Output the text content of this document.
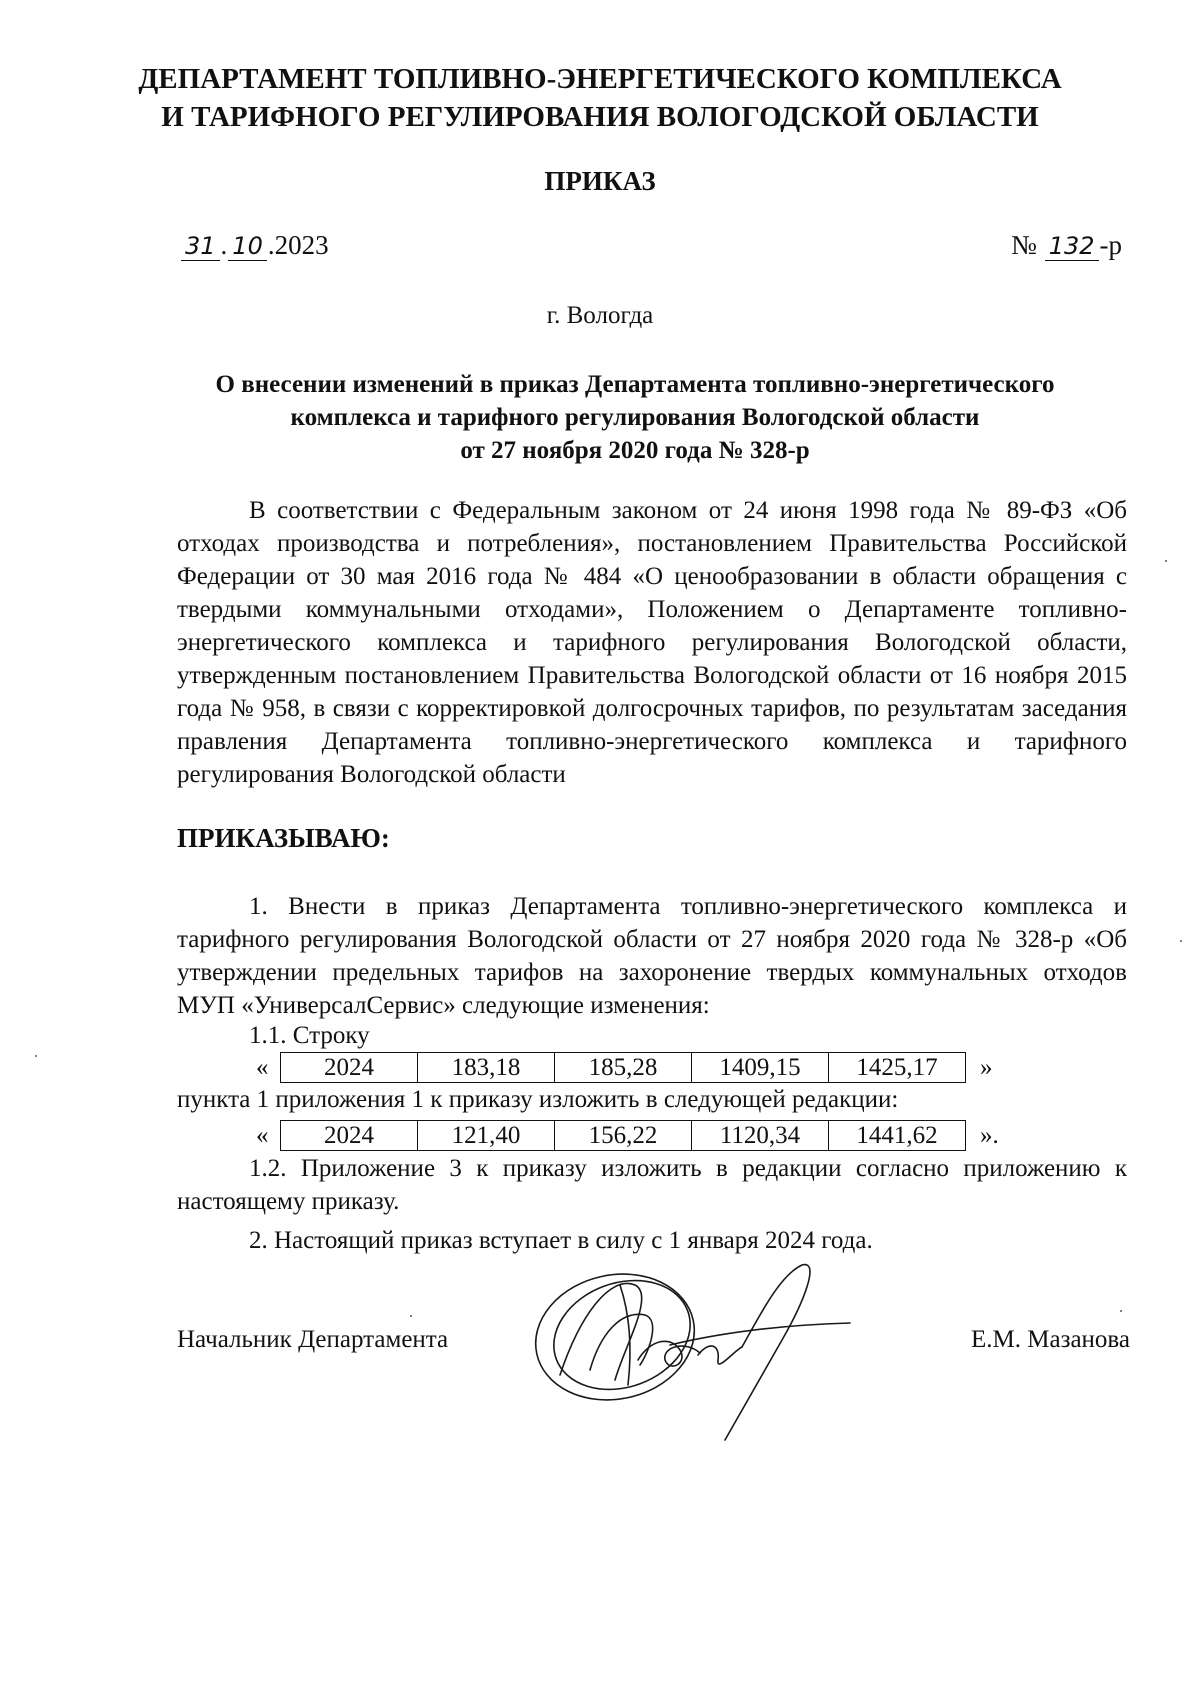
ДЕПАРТАМЕНТ ТОПЛИВНО-ЭНЕРГЕТИЧЕСКОГО КОМПЛЕКСА
И ТАРИФНОГО РЕГУЛИРОВАНИЯ ВОЛОГОДСКОЙ ОБЛАСТИ
ПРИКАЗ
31 . 10 .2023	№ 132 -р
г. Вологда
О внесении изменений в приказ Департамента топливно-энергетического
комплекса и тарифного регулирования Вологодской области
от 27 ноября 2020 года № 328-р
В соответствии с Федеральным законом от 24 июня 1998 года № 89-ФЗ «Об отходах производства и потребления», постановлением Правительства Российской Федерации от 30 мая 2016 года № 484 «О ценообразовании в области обращения с твердыми коммунальными отходами», Положением о Департаменте топливно-энергетического комплекса и тарифного регулирования Вологодской области, утвержденным постановлением Правительства Вологодской области от 16 ноября 2015 года № 958, в связи с корректировкой долгосрочных тарифов, по результатам заседания правления Департамента топливно-энергетического комплекса и тарифного регулирования Вологодской области
ПРИКАЗЫВАЮ:
1. Внести в приказ Департамента топливно-энергетического комплекса и тарифного регулирования Вологодской области от 27 ноября 2020 года № 328-р «Об утверждении предельных тарифов на захоронение твердых коммунальных отходов МУП «УниверсалСервис» следующие изменения:
1.1. Строку
«	2024	183,18	185,28	1409,15	1425,17	»
пункта 1 приложения 1 к приказу изложить в следующей редакции:
«	2024	121,40	156,22	1120,34	1441,62	».
1.2. Приложение 3 к приказу изложить в редакции согласно приложению к настоящему приказу.
2. Настоящий приказ вступает в силу с 1 января 2024 года.
Начальник Департамента	Е.М. Мазанова
